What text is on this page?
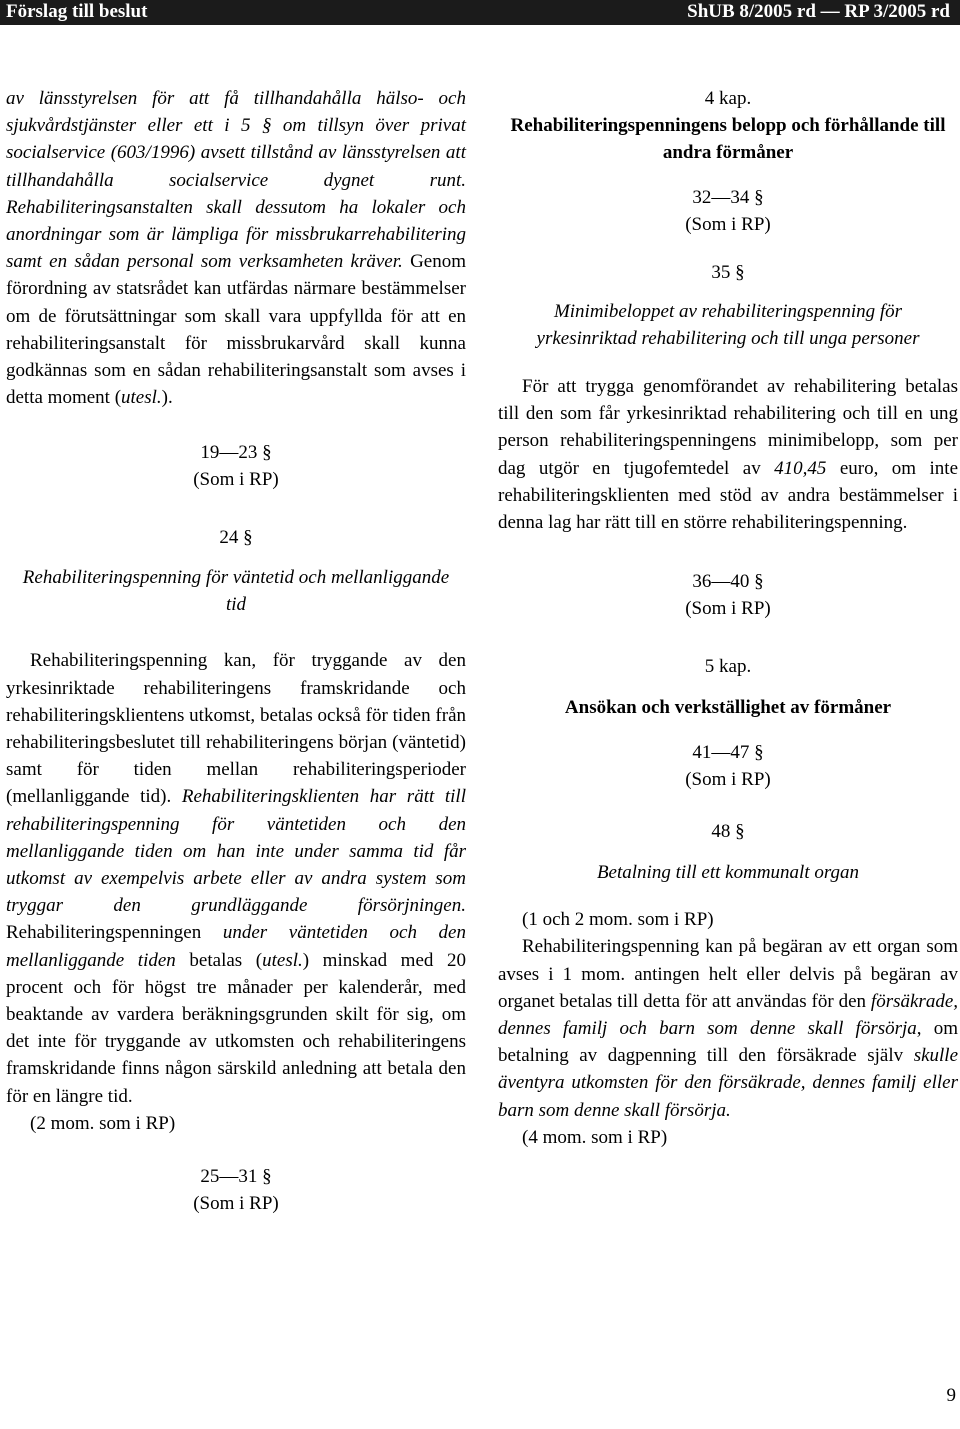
Förslag till beslut	ShUB 8/2005 rd — RP 3/2005 rd

av länsstyrelsen för att få tillhandahålla hälso- och sjukvårdstjänster eller ett i 5 § om tillsyn över privat socialservice (603/1996) avsett tillstånd av länsstyrelsen att tillhandahålla socialservice dygnet runt. Rehabiliteringsanstalten skall dessutom ha lokaler och anordningar som är lämpliga för missbrukarrehabilitering samt en sådan personal som verksamheten kräver. Genom förordning av statsrådet kan utfärdas närmare bestämmelser om de förutsättningar som skall vara uppfyllda för att en rehabiliteringsanstalt för missbrukarvård skall kunna godkännas som en sådan rehabiliteringsanstalt som avses i detta moment (utesl.).

19—23 §
(Som i RP)
24 §
Rehabiliteringspenning för väntetid och mellanliggande tid

Rehabiliteringspenning kan, för tryggande av den yrkesinriktade rehabiliteringens framskridande och rehabiliteringsklientens utkomst, betalas också för tiden från rehabiliteringsbeslutet till rehabiliteringens början (väntetid) samt för tiden mellan rehabiliteringsperioder (mellanliggande tid). Rehabiliteringsklienten har rätt till rehabiliteringspenning för väntetiden och den mellanliggande tiden om han inte under samma tid får utkomst av exempelvis arbete eller av andra system som tryggar den grundläggande försörjningen. Rehabiliteringspenningen under väntetiden och den mellanliggande tiden betalas (utesl.) minskad med 20 procent och för högst tre månader per kalenderår, med beaktande av vardera beräkningsgrunden skilt för sig, om det inte för tryggande av utkomsten och rehabiliteringens framskridande finns någon särskild anledning att betala den för en längre tid.

(2 mom. som i RP)

25—31 §
(Som i RP)
4 kap.
Rehabiliteringspenningens belopp och förhållande till andra förmåner
32—34 §
(Som i RP)
35 §
Minimibeloppet av rehabiliteringspenning för yrkesinriktad rehabilitering och till unga personer

För att trygga genomförandet av rehabilitering betalas till den som får yrkesinriktad rehabilitering och till en ung person rehabiliteringspenningens minimibelopp, som per dag utgör en tjugofemtedel av 410,45 euro, om inte rehabiliteringsklienten med stöd av andra bestämmelser i denna lag har rätt till en större rehabiliteringspenning.

36—40 §
(Som i RP)
5 kap.
Ansökan och verkställighet av förmåner
41—47 §
(Som i RP)
48 §
Betalning till ett kommunalt organ

(1 och 2 mom. som i RP)

Rehabiliteringspenning kan på begäran av ett organ som avses i 1 mom. antingen helt eller delvis på begäran av organet betalas till detta för att användas för den försäkrade, dennes familj och barn som denne skall försörja, om betalning av dagpenning till den försäkrade själv skulle äventyra utkomsten för den försäkrade, dennes familj eller barn som denne skall försörja.

(4 mom. som i RP)

9
